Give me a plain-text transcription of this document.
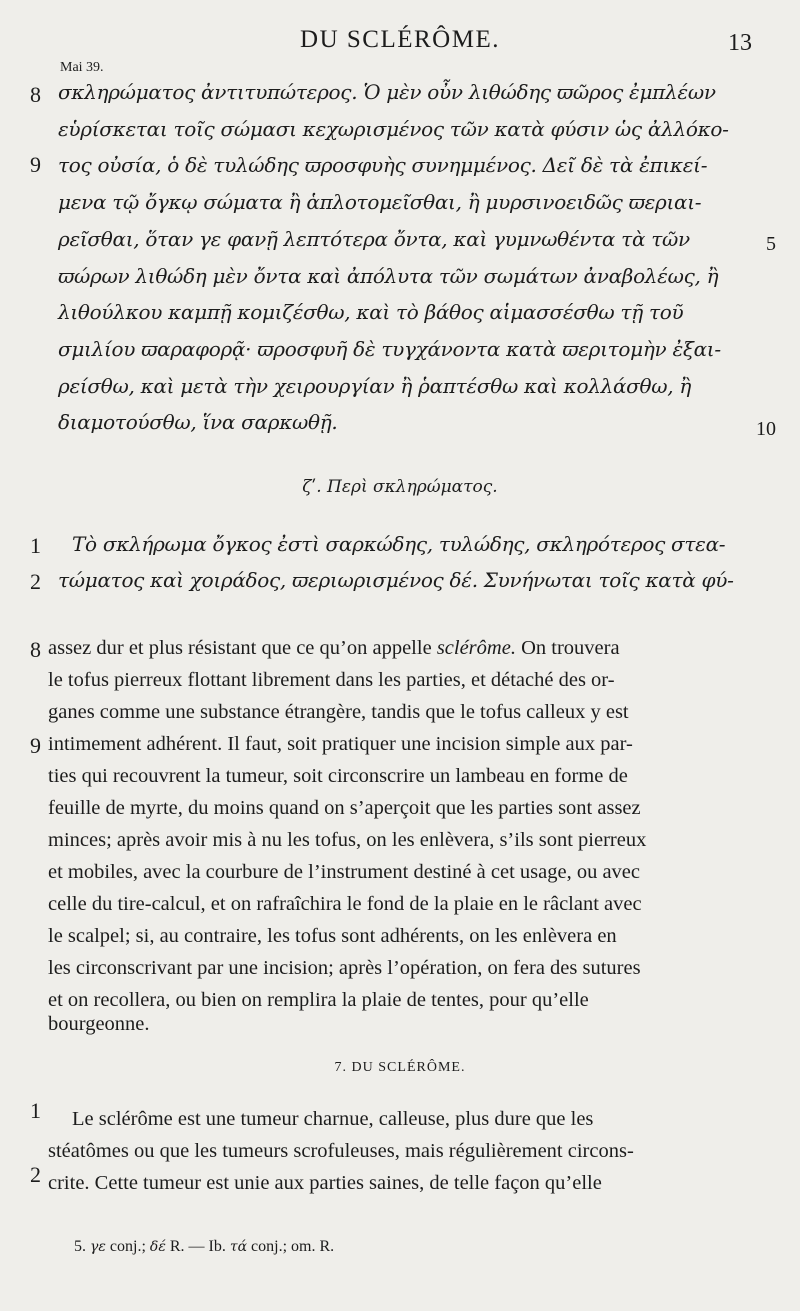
DU SCLÉRÔME.	13
Mai 39.
8
9
5
10
σκληρώματος ἀντιτυπώτερος. Ὁ μὲν οὖν λιθώδης ϖῶρος ἐμπλέων
εὑρίσκεται τοῖς σώμασι κεχωρισμένος τῶν κατὰ φύσιν ὡς ἀλλόκο-
τος οὐσία, ὁ δὲ τυλώδης ϖροσφυὴς συνημμένος. Δεῖ δὲ τὰ ἐπικεί-
μενα τῷ ὄγκῳ σώματα ἢ ἁπλοτομεῖσθαι, ἢ μυρσινοειδῶς ϖεριαι-
ρεῖσθαι, ὅταν γε φανῇ λεπτότερα ὄντα, καὶ γυμνωθέντα τὰ τῶν
ϖώρων λιθώδη μὲν ὄντα καὶ ἀπόλυτα τῶν σωμάτων ἀναβολέως, ἢ
λιθούλκου καμπῇ κομιζέσθω, καὶ τὸ βάθος αἱμασσέσθω τῇ τοῦ
σμιλίου ϖαραφορᾷ· ϖροσφυῆ δὲ τυγχάνοντα κατὰ ϖεριτομὴν ἐξαι-
ρείσθω, καὶ μετὰ τὴν χειρουργίαν ἢ ῥαπτέσθω καὶ κολλάσθω, ἢ
διαμοτούσθω, ἵνα σαρκωθῇ.
ζʹ. Περὶ σκληρώματος.
1
2
Τὸ σκλήρωμα ὄγκος ἐστὶ σαρκώδης, τυλώδης, σκληρότερος στεα-
τώματος καὶ χοιράδος, ϖεριωρισμένος δέ. Συνήνωται τοῖς κατὰ φύ-
8
9
assez dur et plus résistant que ce qu’on appelle sclérôme. On trouvera
le tofus pierreux flottant librement dans les parties, et détaché des or-
ganes comme une substance étrangère, tandis que le tofus calleux y est
intimement adhérent. Il faut, soit pratiquer une incision simple aux par-
ties qui recouvrent la tumeur, soit circonscrire un lambeau en forme de
feuille de myrte, du moins quand on s’aperçoit que les parties sont assez
minces; après avoir mis à nu les tofus, on les enlèvera, s’ils sont pierreux
et mobiles, avec la courbure de l’instrument destiné à cet usage, ou avec
celle du tire-calcul, et on rafraîchira le fond de la plaie en le râclant avec
le scalpel; si, au contraire, les tofus sont adhérents, on les enlèvera en
les circonscrivant par une incision; après l’opération, on fera des sutures
et on recollera, ou bien on remplira la plaie de tentes, pour qu’elle
bourgeonne.
7. DU SCLÉRÔME.
1
2
Le sclérôme est une tumeur charnue, calleuse, plus dure que les
stéatômes ou que les tumeurs scrofuleuses, mais régulièrement circons-
crite. Cette tumeur est unie aux parties saines, de telle façon qu’elle
5. γε conj.; δέ R. — Ib. τά conj.; om. R.
